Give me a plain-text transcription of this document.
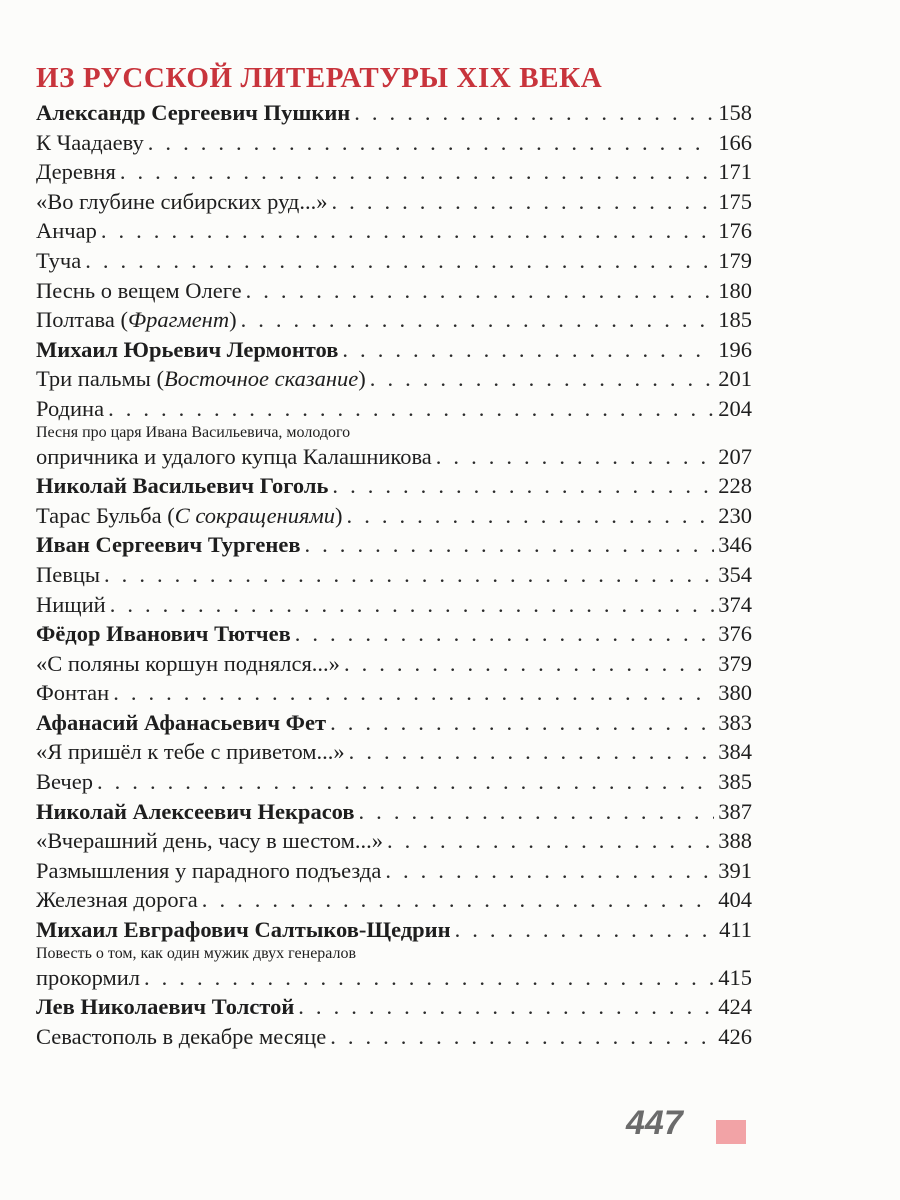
ИЗ РУССКОЙ ЛИТЕРАТУРЫ XIX ВЕКА
Александр Сергеевич Пушкин . . .	158
К Чаадаеву . . .	166
Деревня . . .	171
«Во глубине сибирских руд...» . . .	175
Анчар . . .	176
Туча . . .	179
Песнь о вещем Олеге . . .	180
Полтава (Фрагмент) . . .	185
Михаил Юрьевич Лермонтов . . .	196
Три пальмы (Восточное сказание) . . .	201
Родина . . .	204
Песня про царя Ивана Васильевича, молодого
опричника и удалого купца Калашникова . . .	207
Николай Васильевич Гоголь . . .	228
Тарас Бульба (С сокращениями) . . .	230
Иван Сергеевич Тургенев . . .	346
Певцы . . .	354
Нищий . . .	374
Фёдор Иванович Тютчев . . .	376
«С поляны коршун поднялся...» . . .	379
Фонтан . . .	380
Афанасий Афанасьевич Фет . . .	383
«Я пришёл к тебе с приветом...» . . .	384
Вечер . . .	385
Николай Алексеевич Некрасов . . .	387
«Вчерашний день, часу в шестом...» . . .	388
Размышления у парадного подъезда . . .	391
Железная дорога . . .	404
Михаил Евграфович Салтыков-Щедрин . . .	411
Повесть о том, как один мужик двух генералов
прокормил . . .	415
Лев Николаевич Толстой . . .	424
Севастополь в декабре месяце . . .	426
447
